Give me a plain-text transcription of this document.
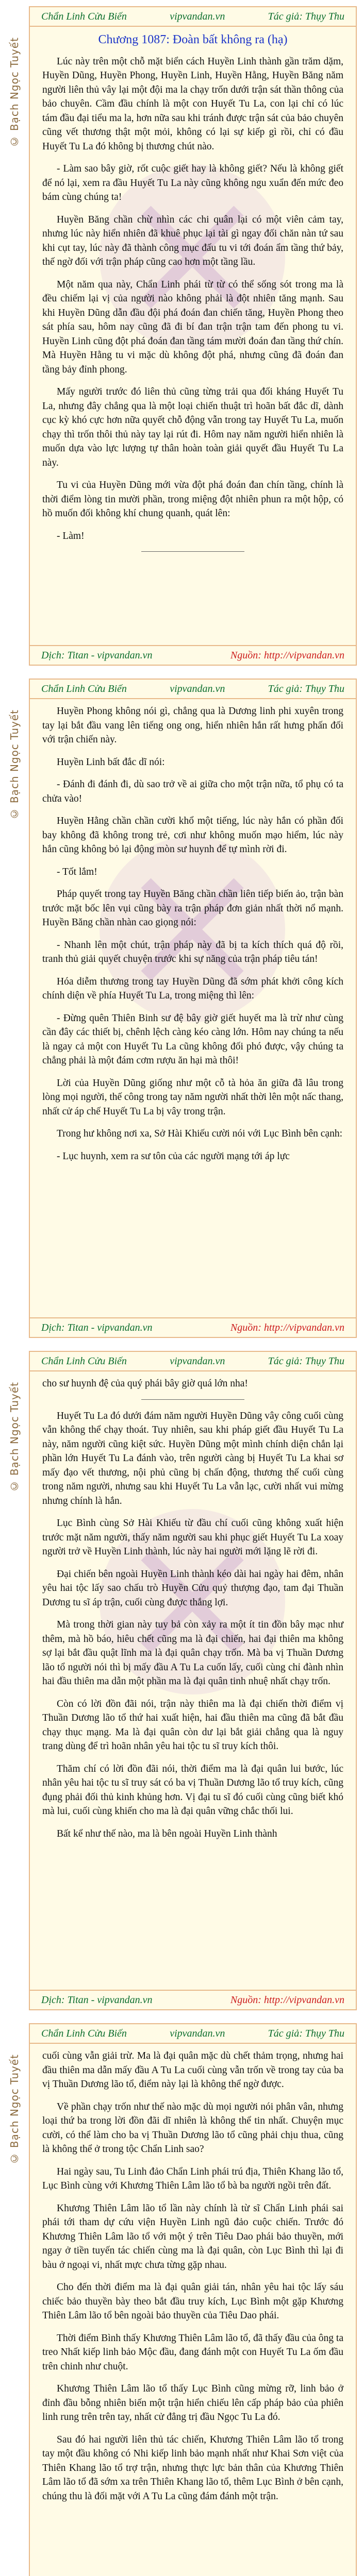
© Bạch Ngọc Tuyết
Chẩn Linh Cửu Biến	vipvandan.vn	Tác giả: Thụy Thu
Chương 1087: Đoàn bất không ra (hạ)

Lúc này trên một chỗ mặt biển cách Huyền Linh thành gần trăm dặm, Huyền Dũng, Huyền Phong, Huyền Linh, Huyền Hằng, Huyền Băng năm người liên thủ vây lại một đội ma la chạy trốn dưới trận sát thần thông của bảo chuyên. Cầm đầu chính là một con Huyết Tu La, con lại chỉ có lúc tám đầu đại tiểu ma la, hơn nữa sau khi tránh được trận sát của bảo chuyên cũng vết thương thật một mỏi, không có lại sự kiếp gì rồi, chỉ có đầu Huyết Tu La đó không bị thương chút nào.

- Làm sao bây giờ, rốt cuộc giết hay là không giết? Nếu là không giết để nó lại, xem ra đầu Huyết Tu La này cũng không ngu xuẩn đến mức đeo bám cùng chúng ta!

Huyền Băng chần chừ nhìn các chi quân lại có một viên cảm tay, nhưng lúc này hiển nhiên đã khuê phục lại tài gì ngay đối chăn nàn tứ sau khi cụt tay, lúc này đã thành công mục đấu tu vi tới đoán ẩm tầng thứ bảy, thế ngờ đối với trận pháp cũng cao hơn một tầng lầu.

Một năm qua này, Chẩn Linh phái từ từ có thể sống sót trong ma là đều chiếm lại vị của người nào không phải là đột nhiên tăng mạnh. Sau khi Huyền Dũng dẫn đầu đội phá đoán đan chiến tăng, Huyền Phong theo sát phía sau, hôm nay cũng đã đi bí đan trận trận tam đến phong tu vi. Huyền Linh cũng đột phá đoán đan tầng tám mười đoán đan tầng thứ chín. Mà Huyền Hằng tu vi mặc dù không đột phá, nhưng cũng đã đoán đan tầng bảy đỉnh phong.

Mấy người trước đó liên thủ cũng từng trải qua đối kháng Huyết Tu La, nhưng đây chẳng qua là một loại chiến thuật trì hoãn bất đắc dĩ, dành cục kỳ khó cực hơn nữa quyết chỗ động vẫn trong tay Huyết Tu La, muốn chạy thì trốn thôi thủ này tay lại rút đi. Hôm nay năm người hiển nhiên là muốn dựa vào lực lượng tự thân hoàn toàn giải quyết đầu Huyết Tu La này.

Tu vi của Huyền Dũng mới vừa đột phá đoán đan chín tầng, chính là thời điểm lòng tin mười phần, trong miệng đột nhiên phun ra một hộp, có hồ muốn đối không khí chung quanh, quát lên:

- Làm!

Dịch: Titan - vipvandan.vn	Nguồn: http://vipvandan.vn
© Bạch Ngọc Tuyết
Chẩn Linh Cửu Biến	vipvandan.vn	Tác giả: Thụy Thu

Huyền Phong không nói gì, chẳng qua là Dương linh phi xuyên trong tay lại bắt đầu vang lên tiếng ong ong, hiển nhiên hắn rất hưng phấn đối với trận chiến này.

Huyền Linh bất đắc dĩ nói:

- Đánh đi đánh đi, dù sao trở về ai giữa cho một trận nữa, tổ phụ có ta chửa vào!

Huyền Hằng chần chần cười khổ một tiếng, lúc này hắn có phần đối bay không đã không trong trẻ, cơi như không muốn mạo hiểm, lúc này hắn cũng không bỏ lại động mòn sư huynh để tự mình rời đi.

- Tốt lắm!

Pháp quyết trong tay Huyền Băng chần chần liên tiếp biến ảo, trận bàn trước mặt bốc lên vụi cũng bày ra trận pháp đơn giản nhất thời nổ mạnh. Huyền Băng chần nhàn cao giọng nói:

- Nhanh lên một chút, trận pháp này đã bị ta kích thích quá độ rồi, tranh thủ giải quyết chuyện trước khi sự năng của trận pháp tiêu tán!

Hóa diễm thương trong tay Huyền Dũng đã sớm phát khởi công kích chính diện về phía Huyết Tu La, trong miệng thì lên:

- Đừng quên Thiên Binh sư đệ bây giờ giết huyết ma là trừ như cùng cần đây các thiết bị, chênh lệch càng kéo càng lớn. Hôm nay chúng ta nếu là ngay cả một con Huyết Tu La cũng không đối phó được, vậy chúng ta chẳng phải là một đám cơm rượu ăn hại mà thôi!

Lời của Huyền Dũng giống như một cỗ tà hỏa ăn giữa đã lâu trong lòng mọi người, thế công trong tay năm người nhất thời lên một nấc thang, nhất cử áp chế Huyết Tu La bị vây trong trận.

Trong hư không nơi xa, Sở Hài Khiếu cười nói với Lục Bình bên cạnh:

- Lục huynh, xem ra sư tôn của các người mạng tới áp lực

Dịch: Titan - vipvandan.vn	Nguồn: http://vipvandan.vn
© Bạch Ngọc Tuyết
Chẩn Linh Cửu Biến	vipvandan.vn	Tác giả: Thụy Thu

cho sư huynh đệ của quý phái bây giờ quá lớn nha!

Huyết Tu La đó dưới đám năm người Huyền Dũng vây công cuối cùng vẫn không thể chạy thoát. Tuy nhiên, sau khi pháp giết đầu Huyết Tu La này, năm người cũng kiệt sức. Huyền Dũng một mình chính diện chắn lại phần lớn Huyết Tu La đánh vào, trên người càng bị Huyết Tu La khai sơ mấy đạo vết thương, nội phủ cũng bị chấn động, thương thế cuối cùng trong năm người, nhưng sau khi Huyết Tu La vẫn lạc, cười nhất vui mừng nhưng chính là hắn.

Lục Bình cùng Sở Hài Khiếu từ đầu chí cuối cũng không xuất hiện trước mặt năm người, thấy năm người sau khi phục giết Huyết Tu La xoay người trở về Huyền Linh thành, lúc này hai người mới lặng lẽ rời đi.

Đại chiến bên ngoài Huyền Linh thành kéo dài hai ngày hai đêm, nhân yêu hai tộc lấy sao chấu trò Huyền Cửu quỷ thượng đạo, tam đại Thuần Dương tu sĩ áp trận, cuối cùng được thắng lợi.

Mà trong thời gian này tuy bả còn xảy ra một ít tin đồn bây mạc như thêm, mà hồ báo, hiêu chết cũng ma là đại chiến, hai đại thiên ma không sợ lại bắt đầu quật lĩnh ma là đại quân chạy trốn. Mà ba vị Thuần Dương lão tổ người nói thì bị mấy đầu A Tu La cuốn lấy, cuối cùng chỉ đành nhìn hai đầu thiên ma dẫn một phần ma là đại quân tinh nhuệ nhất chạy trốn.

Còn có lời đồn đãi nói, trận này thiên ma là đại chiến thời điểm vị Thuần Dương lão tổ thứ hai xuất hiện, hai đầu thiên ma cũng đã bắt đầu chạy thục mạng. Ma là đại quân còn dư lại bắt giải chẳng qua là nguy trang dùng để trì hoãn nhân yêu hai tộc tu sĩ truy kích thôi.

Thăm chí có lời đồn đãi nói, thời điểm ma là đại quân lui bước, lúc nhân yêu hai tộc tu sĩ truy sát có ba vị Thuần Dương lão tổ truy kích, cũng đụng phải đối thủ kinh khủng hơn. Vị đại tu sĩ đó cuối cùng cũng biết khó mà lui, cuối cùng khiến cho ma là đại quân vững chắc thối lui.

Bất kể như thế nào, ma là bên ngoài Huyền Linh thành

Dịch: Titan - vipvandan.vn	Nguồn: http://vipvandan.vn
© Bạch Ngọc Tuyết
Chẩn Linh Cửu Biến	vipvandan.vn	Tác giả: Thụy Thu

cuối cùng vẫn giải trừ. Ma là đại quân mặc dù chết thảm trọng, nhưng hai đầu thiên ma dẫn mấy đầu A Tu La cuối cùng vẫn trốn về trong tay của ba vị Thuần Dương lão tổ, điểm này lại là không thể ngờ được.

Về phần chạy trốn như thế nào mặc dù mọi người nói phân vân, nhưng loại thứ ba trong lời đồn đãi dĩ nhiên là không thể tin nhất. Chuyện mục cười, có thể làm cho ba vị Thuần Dương lão tổ cũng phải chịu thua, cũng là không thể ở trong tộc Chẩn Linh sao?

Hai ngày sau, Tu Linh đảo Chẩn Linh phái trú địa, Thiên Khang lão tổ, Lục Bình cùng với Khương Thiên Lâm lão tổ bà ba người ngồi trên đất.

Khương Thiên Lâm lão tổ lần này chính là từ sĩ Chẩn Linh phái sai phái tới tham dự cứu viện Huyền Linh ngũ đảo cuộc chiến. Trước đó Khương Thiên Lâm lão tổ với một ý trên Tiêu Dao phái bảo thuyền, mới ngay ở tiền tuyến tác chiến cùng ma là đại quân, còn Lục Bình thì lại đi bàu ở ngoại vi, nhất mực chưa từng gặp nhau.

Cho đến thời điểm ma là đại quân giải tán, nhân yêu hai tộc lấy sáu chiếc bảo thuyền bày theo bắt đầu truy kích, Lục Bình một gặp Khương Thiên Lâm lão tổ bên ngoài bảo thuyền của Tiêu Dao phái.

Thời điểm Bình thấy Khương Thiên Lâm lão tổ, đã thấy đầu của ông ta treo Nhất kiếp linh bảo Mộc đầu, đang đánh một con Huyết Tu La ốm đầu trên chinh như chuột.

Khương Thiên Lâm lão tổ thấy Lục Bình cũng mừng rỡ, linh bảo ở đỉnh đầu bỗng nhiên biến một trận hiển chiếu lên cấp pháp bảo của phiên linh rung trên trên tay, nhất cử đẳng trị đầu Ngọc Tu La đó.

Sau đó hai người liên thủ tác chiến, Khương Thiên Lâm lão tổ trong tay một đầu không có Nhi kiếp linh bảo mạnh nhất như Khai Sơn việt của Thiên Khang lão tổ trợ trận, nhưng thực lực bản thân của Khương Thiên Lâm lão tổ đã sớm xa trên Thiên Khang lão tổ, thêm Lục Bình ở bên cạnh, chúng thu là đối mặt với A Tu La cũng đám đánh một trận.
